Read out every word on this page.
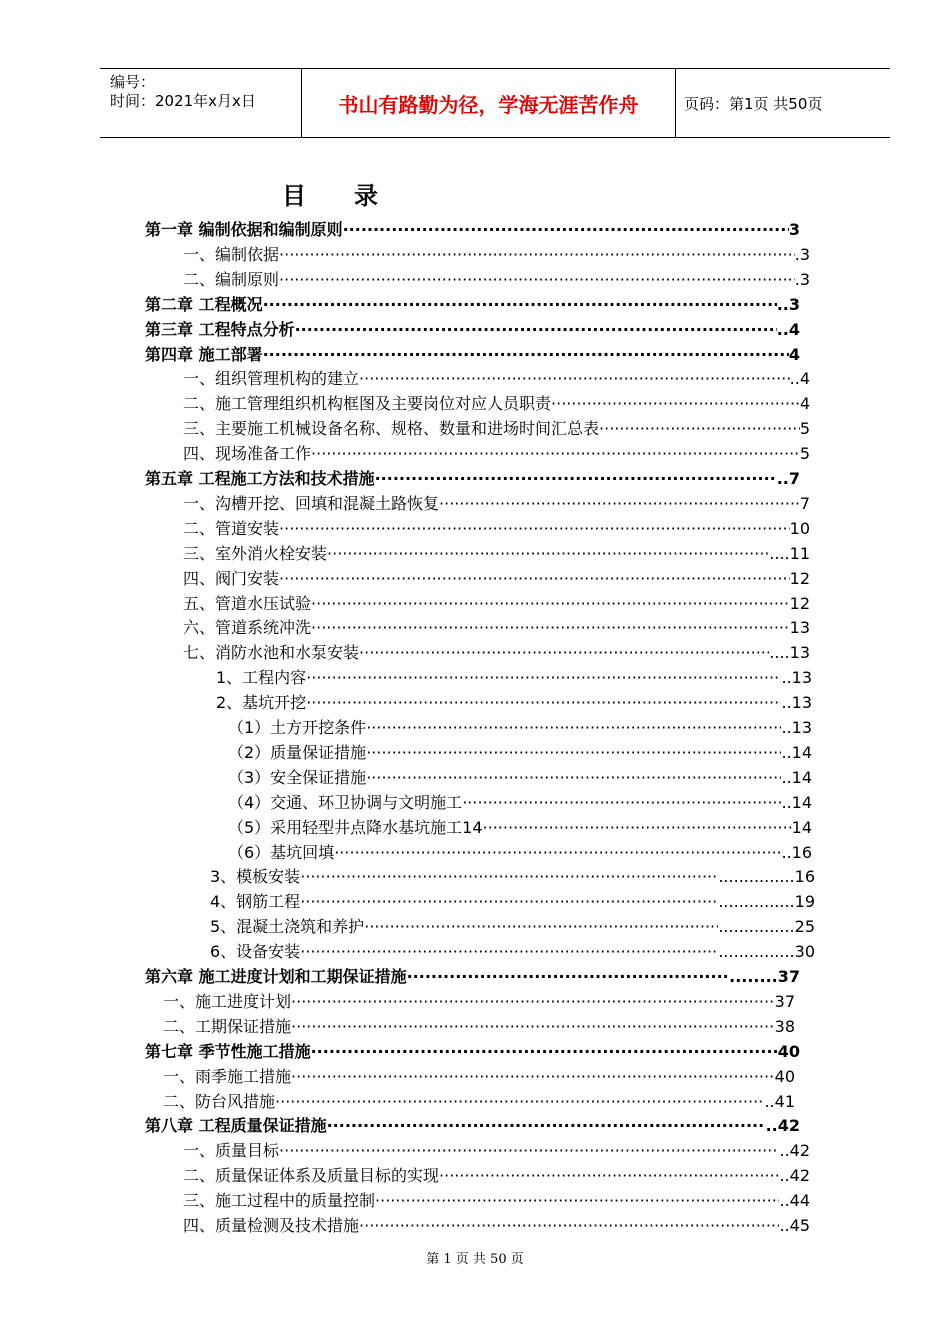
编号：
时间：2021年x月x日	书山有路勤为径，学海无涯苦作舟	页码：第1页 共50页
目录
第一章 编制依据和编制原则 ·····	3
一、编制依据 ·····	.3
二、编制原则 ·····	.3
第二章 工程概况 ·····	..3
第三章 工程特点分析 ·····	..4
第四章 施工部署 ·····	4
一、组织管理机构的建立 ·····	..4
二、施工管理组织机构框图及主要岗位对应人员职责 ·····	4
三、主要施工机械设备名称、规格、数量和进场时间汇总表 ·····	5
四、现场准备工作 ·····	5
第五章 工程施工方法和技术措施 ·····	..7
一、沟槽开挖、回填和混凝土路恢复 ·····	7
二、管道安装 ·····	10
三、室外消火栓安装 ·····	....11
四、阀门安装 ·····	12
五、管道水压试验 ·····	12
六、管道系统冲洗 ·····	13
七、消防水池和水泵安装 ·····	....13
1、工程内容 ·····	..13
2、基坑开挖 ·····	..13
（1）土方开挖条件 ·····	..13
（2）质量保证措施 ·····	..14
（3）安全保证措施 ·····	..14
（4）交通、环卫协调与文明施工 ·····	..14
（5）采用轻型井点降水基坑施工14 ·····	14
（6）基坑回填 ·····	..16
3、模板安装 ·····	...............16
4、钢筋工程 ·····	...............19
5、混凝土浇筑和养护 ·····	...............25
6、设备安装 ·····	...............30
第六章 施工进度计划和工期保证措施 ·····	........37
一、施工进度计划 ·····	37
二、工期保证措施 ·····	38
第七章 季节性施工措施 ·····	40
一、雨季施工措施 ·····	40
二、防台风措施 ·····	..41
第八章 工程质量保证措施 ·····	..42
一、质量目标 ·····	..42
二、质量保证体系及质量目标的实现 ·····	..42
三、施工过程中的质量控制 ·····	..44
四、质量检测及技术措施 ·····	..45
第 1 页 共 50 页
